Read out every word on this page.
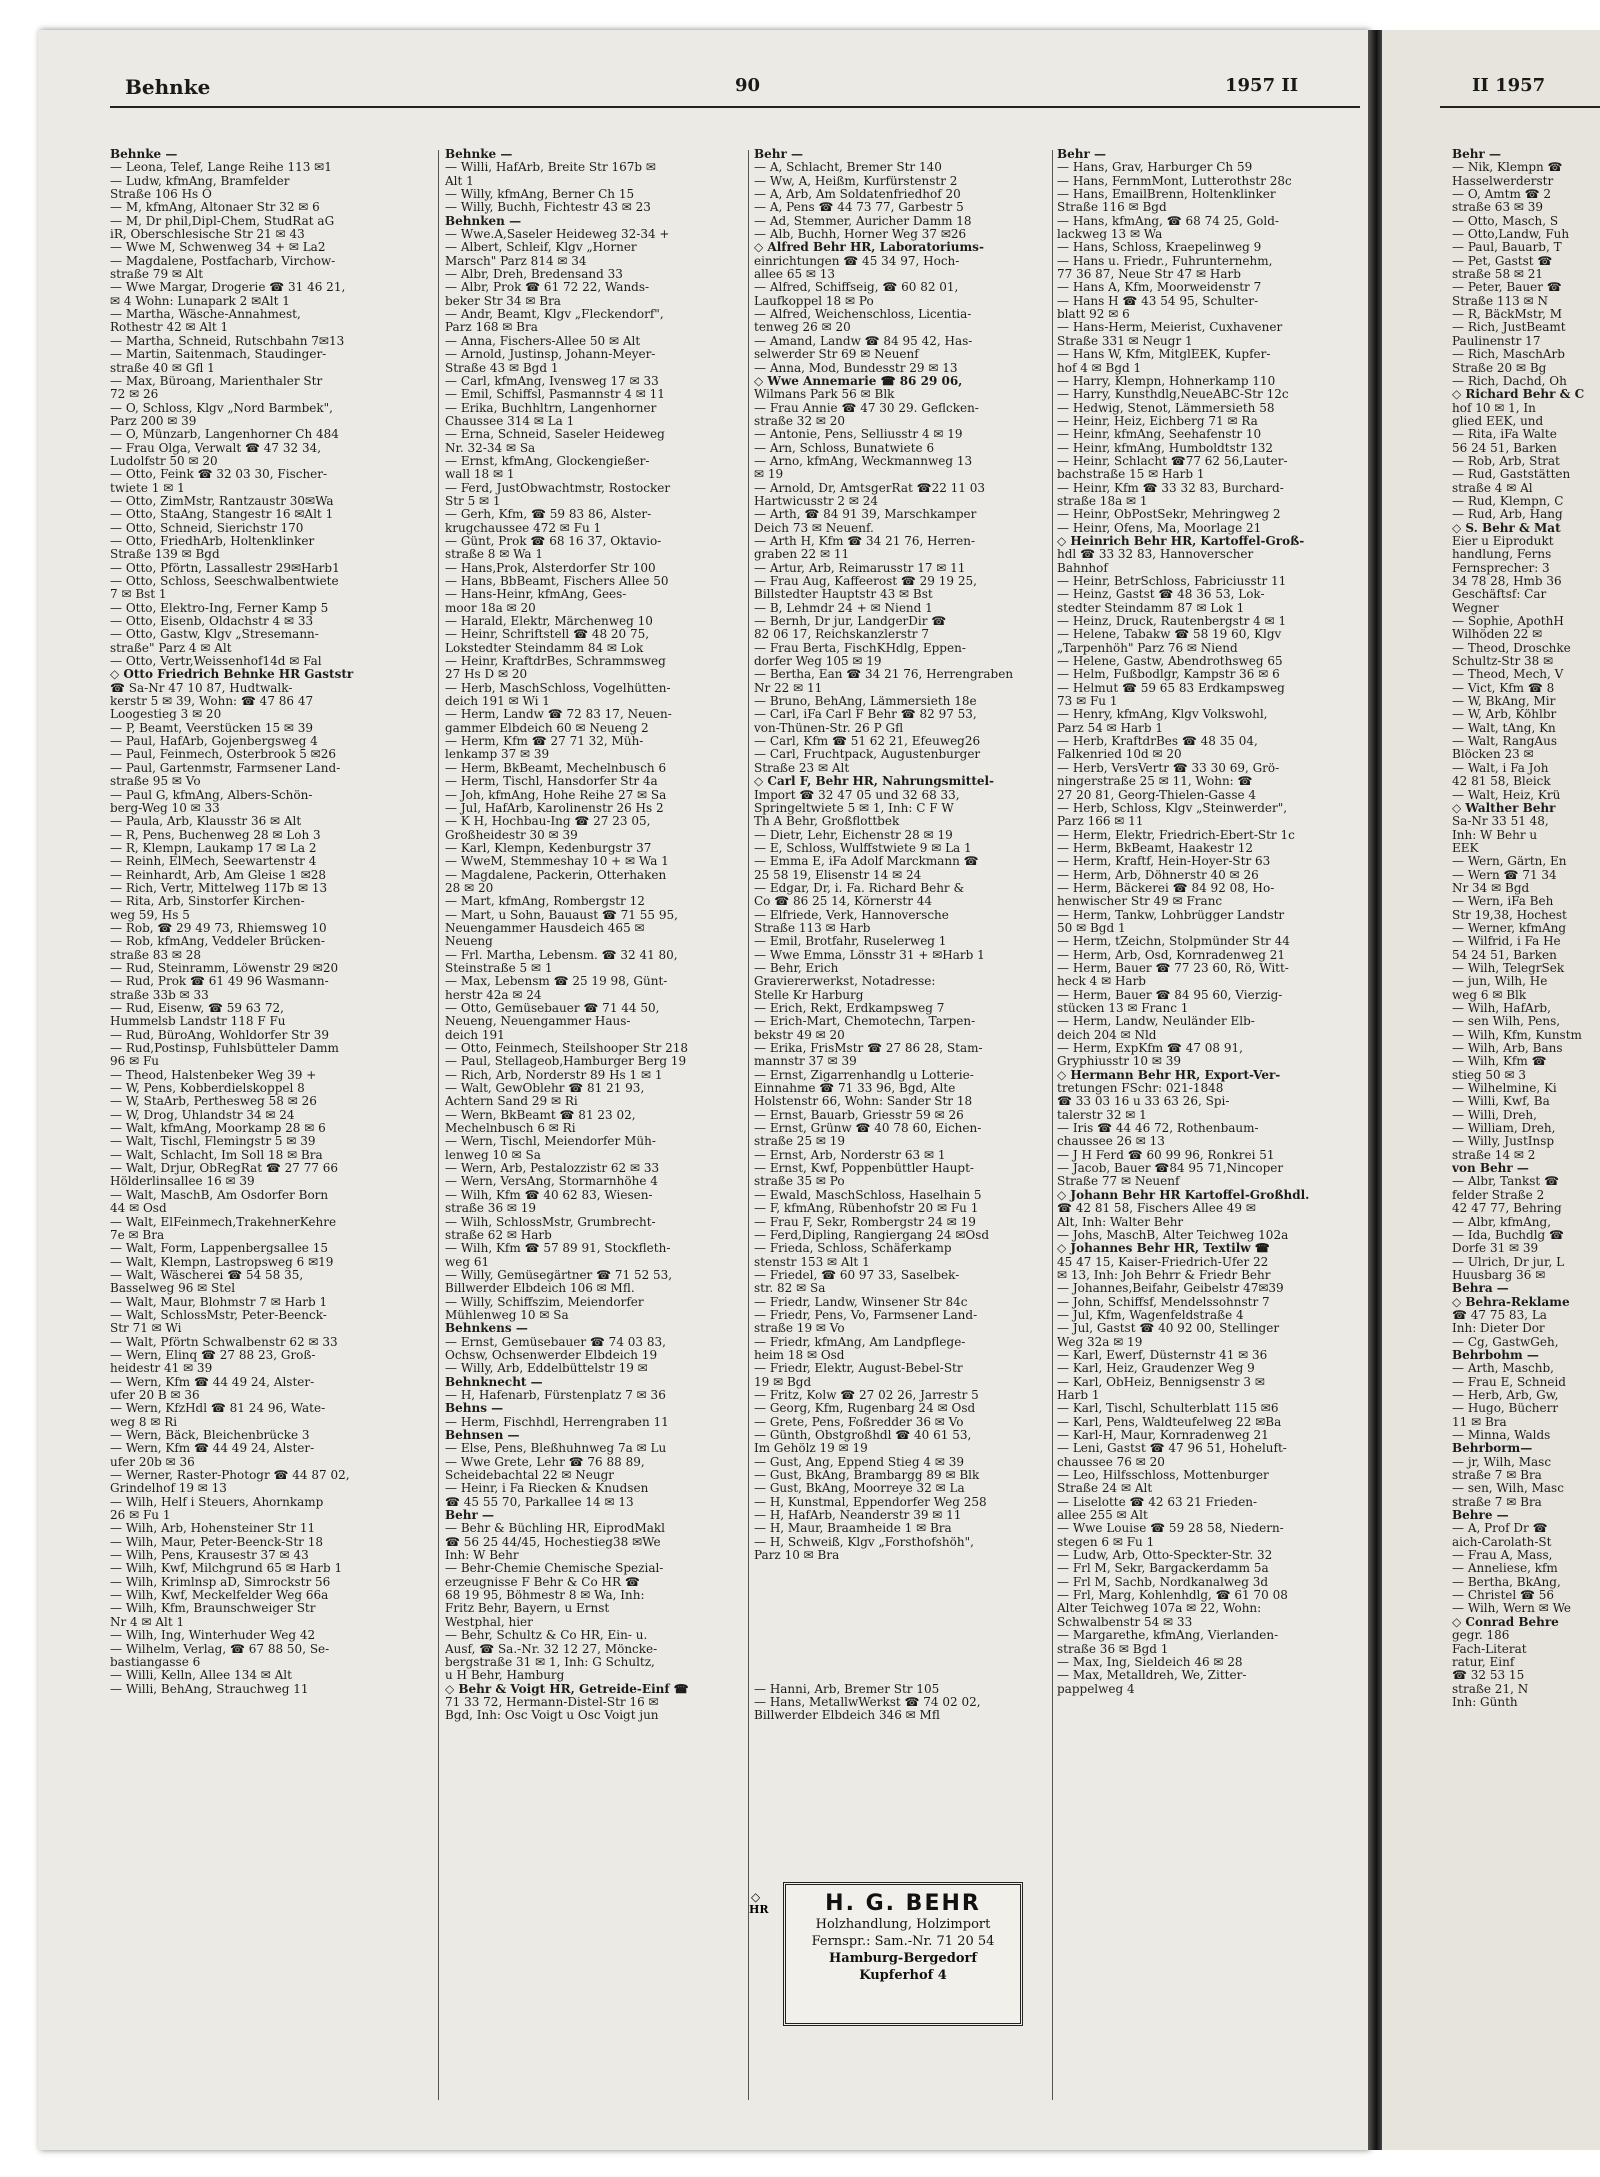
Behnke	90	1957 II	II 1957
Behnke —
— Leona, Telef, Lange Reihe 113 ✉1
— Ludw, kfmAng, Bramfelder
Straße 106 Hs O
— M, kfmAng, Altonaer Str 32 ✉ 6
— M, Dr phil,Dipl-Chem, StudRat aG
iR, Oberschlesische Str 21 ✉ 43
— Wwe M, Schwenweg 34 + ✉ La2
— Magdalene, Postfacharb, Virchow-
straße 79 ✉ Alt
— Wwe Margar, Drogerie ☎ 31 46 21,
✉ 4 Wohn: Lunapark 2 ✉Alt 1
— Martha, Wäsche-Annahmest,
Rothestr 42 ✉ Alt 1
— Martha, Schneid, Rutschbahn 7✉13
— Martin, Saitenmach, Staudinger-
straße 40 ✉ Gfl 1
— Max, Büroang, Marienthaler Str
72 ✉ 26
— O, Schloss, Klgv „Nord Barmbek",
Parz 200 ✉ 39
— O, Münzarb, Langenhorner Ch 484
— Frau Olga, Verwalt ☎ 47 32 34,
Ludolfstr 50 ✉ 20
— Otto, Feink ☎ 32 03 30, Fischer-
twiete 1 ✉ 1
— Otto, ZimMstr, Rantzaustr 30✉Wa
— Otto, StaAng, Stangestr 16 ✉Alt 1
— Otto, Schneid, Sierichstr 170
— Otto, FriedhArb, Holtenklinker
Straße 139 ✉ Bgd
— Otto, Pförtn, Lassallestr 29✉Harb1
— Otto, Schloss, Seeschwalbentwiete
7 ✉ Bst 1
— Otto, Elektro-Ing, Ferner Kamp 5
— Otto, Eisenb, Oldachstr 4 ✉ 33
— Otto, Gastw, Klgv „Stresemann-
straße" Parz 4 ✉ Alt
— Otto, Vertr,Weissenhof14d ✉ Fal
◇ Otto Friedrich Behnke HR Gaststr
☎ Sa-Nr 47 10 87, Hudtwalk-
kerstr 5 ✉ 39, Wohn: ☎ 47 86 47
Loogestieg 3 ✉ 20
— P, Beamt, Veerstücken 15 ✉ 39
— Paul, HafArb, Gojenbergsweg 4
— Paul, Feinmech, Osterbrook 5 ✉26
— Paul, Gartenmstr, Farmsener Land-
straße 95 ✉ Vo
— Paul G, kfmAng, Albers-Schön-
berg-Weg 10 ✉ 33
— Paula, Arb, Klausstr 36 ✉ Alt
— R, Pens, Buchenweg 28 ✉ Loh 3
— R, Klempn, Laukamp 17 ✉ La 2
— Reinh, ElMech, Seewartenstr 4
— Reinhardt, Arb, Am Gleise 1 ✉28
— Rich, Vertr, Mittelweg 117b ✉ 13
— Rita, Arb, Sinstorfer Kirchen-
weg 59, Hs 5
— Rob, ☎ 29 49 73, Rhiemsweg 10
— Rob, kfmAng, Veddeler Brücken-
straße 83 ✉ 28
— Rud, Steinramm, Löwenstr 29 ✉20
— Rud, Prok ☎ 61 49 96 Wasmann-
straße 33b ✉ 33
— Rud, Eisenw, ☎ 59 63 72,
Hummelsb Landstr 118 F Fu
— Rud, BüroAng, Wohldorfer Str 39
— Rud,Postinsp, Fuhlsbütteler Damm
96 ✉ Fu
— Theod, Halstenbeker Weg 39 +
— W, Pens, Kobberdielskoppel 8
— W, StaArb, Perthesweg 58 ✉ 26
— W, Drog, Uhlandstr 34 ✉ 24
— Walt, kfmAng, Moorkamp 28 ✉ 6
— Walt, Tischl, Flemingstr 5 ✉ 39
— Walt, Schlacht, Im Soll 18 ✉ Bra
— Walt, Drjur, ObRegRat ☎ 27 77 66
Hölderlinsallee 16 ✉ 39
— Walt, MaschB, Am Osdorfer Born
44 ✉ Osd
— Walt, ElFeinmech,TrakehnerKehre
7e ✉ Bra
— Walt, Form, Lappenbergsallee 15
— Walt, Klempn, Lastropsweg 6 ✉19
— Walt, Wäscherei ☎ 54 58 35,
Basselweg 96 ✉ Stel
— Walt, Maur, Blohmstr 7 ✉ Harb 1
— Walt, SchlossMstr, Peter-Beenck-
Str 71 ✉ Wi
— Walt, Pförtn Schwalbenstr 62 ✉ 33
— Wern, Elinq ☎ 27 88 23, Groß-
heidestr 41 ✉ 39
— Wern, Kfm ☎ 44 49 24, Alster-
ufer 20 B ✉ 36
— Wern, KfzHdl ☎ 81 24 96, Wate-
weg 8 ✉ Ri
— Wern, Bäck, Bleichenbrücke 3
— Wern, Kfm ☎ 44 49 24, Alster-
ufer 20b ✉ 36
— Werner, Raster-Photogr ☎ 44 87 02,
Grindelhof 19 ✉ 13
— Wilh, Helf i Steuers, Ahornkamp
26 ✉ Fu 1
— Wilh, Arb, Hohensteiner Str 11
— Wilh, Maur, Peter-Beenck-Str 18
— Wilh, Pens, Krausestr 37 ✉ 43
— Wilh, Kwf, Milchgrund 65 ✉ Harb 1
— Wilh, Krimlnsp aD, Simrockstr 56
— Wilh, Kwf, Meckelfelder Weg 66a
— Wilh, Kfm, Braunschweiger Str
Nr 4 ✉ Alt 1
— Wilh, Ing, Winterhuder Weg 42
— Wilhelm, Verlag, ☎ 67 88 50, Se-
bastiangasse 6
— Willi, Kelln, Allee 134 ✉ Alt
— Willi, BehAng, Strauchweg 11
Behnke —
— Willi, HafArb, Breite Str 167b ✉
Alt 1
— Willy, kfmAng, Berner Ch 15
— Willy, Buchh, Fichtestr 43 ✉ 23
Behnken —
— Wwe.A,Saseler Heideweg 32-34 +
— Albert, Schleif, Klgv „Horner
Marsch" Parz 814 ✉ 34
— Albr, Dreh, Bredensand 33
— Albr, Prok ☎ 61 72 22, Wands-
beker Str 34 ✉ Bra
— Andr, Beamt, Klgv „Fleckendorf",
Parz 168 ✉ Bra
— Anna, Fischers-Allee 50 ✉ Alt
— Arnold, Justinsp, Johann-Meyer-
Straße 43 ✉ Bgd 1
— Carl, kfmAng, Ivensweg 17 ✉ 33
— Emil, Schiffsl, Pasmannstr 4 ✉ 11
— Erika, Buchhltrn, Langenhorner
Chaussee 314 ✉ La 1
— Erna, Schneid, Saseler Heideweg
Nr. 32-34 ✉ Sa
— Ernst, kfmAng, Glockengießer-
wall 18 ✉ 1
— Ferd, JustObwachtmstr, Rostocker
Str 5 ✉ 1
— Gerh, Kfm, ☎ 59 83 86, Alster-
krugchaussee 472 ✉ Fu 1
— Günt, Prok ☎ 68 16 37, Oktavio-
straße 8 ✉ Wa 1
— Hans,Prok, Alsterdorfer Str 100
— Hans, BbBeamt, Fischers Allee 50
— Hans-Heinr, kfmAng, Gees-
moor 18a ✉ 20
— Harald, Elektr, Märchenweg 10
— Heinr, Schriftstell ☎ 48 20 75,
Lokstedter Steindamm 84 ✉ Lok
— Heinr, KraftdrBes, Schrammsweg
27 Hs D ✉ 20
— Herb, MaschSchloss, Vogelhütten-
deich 191 ✉ Wi 1
— Herm, Landw ☎ 72 83 17, Neuen-
gammer Elbdeich 60 ✉ Neueng 2
— Herm, Kfm ☎ 27 71 32, Müh-
lenkamp 37 ✉ 39
— Herm, BkBeamt, Mechelnbusch 6
— Herm, Tischl, Hansdorfer Str 4a
— Joh, kfmAng, Hohe Reihe 27 ✉ Sa
— Jul, HafArb, Karolinenstr 26 Hs 2
— K H, Hochbau-Ing ☎ 27 23 05,
Großheidestr 30 ✉ 39
— Karl, Klempn, Kedenburgstr 37
— WweM, Stemmeshay 10 + ✉ Wa 1
— Magdalene, Packerin, Otterhaken
28 ✉ 20
— Mart, kfmAng, Rombergstr 12
— Mart, u Sohn, Bauaust ☎ 71 55 95,
Neuengammer Hausdeich 465 ✉
Neueng
— Frl. Martha, Lebensm. ☎ 32 41 80,
Steinstraße 5 ✉ 1
— Max, Lebensm ☎ 25 19 98, Günt-
herstr 42a ✉ 24
— Otto, Gemüsebauer ☎ 71 44 50,
Neueng, Neuengammer Haus-
deich 191
— Otto, Feinmech, Steilshooper Str 218
— Paul, Stellageob,Hamburger Berg 19
— Rich, Arb, Norderstr 89 Hs 1 ✉ 1
— Walt, GewOblehr ☎ 81 21 93,
Achtern Sand 29 ✉ Ri
— Wern, BkBeamt ☎ 81 23 02,
Mechelnbusch 6 ✉ Ri
— Wern, Tischl, Meiendorfer Müh-
lenweg 10 ✉ Sa
— Wern, Arb, Pestalozzistr 62 ✉ 33
— Wern, VersAng, Stormarnhöhe 4
— Wilh, Kfm ☎ 40 62 83, Wiesen-
straße 36 ✉ 19
— Wilh, SchlossMstr, Grumbrecht-
straße 62 ✉ Harb
— Wilh, Kfm ☎ 57 89 91, Stockfleth-
weg 61
— Willy, Gemüsegärtner ☎ 71 52 53,
Billwerder Elbdeich 106 ✉ Mfl.
— Willy, Schiffszim, Meiendorfer
Mühlenweg 10 ✉ Sa
Behnkens —
— Ernst, Gemüsebauer ☎ 74 03 83,
Ochsw, Ochsenwerder Elbdeich 19
— Willy, Arb, Eddelbüttelstr 19 ✉
Behnknecht —
— H, Hafenarb, Fürstenplatz 7 ✉ 36
Behns —
— Herm, Fischhdl, Herrengraben 11
Behnsen —
— Else, Pens, Bleßhuhnweg 7a ✉ Lu
— Wwe Grete, Lehr ☎ 76 88 89,
Scheidebachtal 22 ✉ Neugr
— Heinr, i Fa Riecken & Knudsen
☎ 45 55 70, Parkallee 14 ✉ 13
Behr —
— Behr & Büchling HR, EiprodMakl
☎ 56 25 44/45, Hochestieg38 ✉We
Inh: W Behr
— Behr-Chemie Chemische Spezial-
erzeugnisse F Behr & Co HR ☎
68 19 95, Böhmestr 8 ✉ Wa, Inh:
Fritz Behr, Bayern, u Ernst
Westphal, hier
— Behr, Schultz & Co HR, Ein- u.
Ausf, ☎ Sa.-Nr. 32 12 27, Möncke-
bergstraße 31 ✉ 1, Inh: G Schultz,
u H Behr, Hamburg
◇ Behr & Voigt HR, Getreide-Einf ☎
71 33 72, Hermann-Distel-Str 16 ✉
Bgd, Inh: Osc Voigt u Osc Voigt jun
Behr —
— A, Schlacht, Bremer Str 140
— Ww, A, Heißm, Kurfürstenstr 2
— A, Arb, Am Soldatenfriedhof 20
— A, Pens ☎ 44 73 77, Garbestr 5
— Ad, Stemmer, Auricher Damm 18
— Alb, Buchh, Horner Weg 37 ✉26
◇ Alfred Behr HR, Laboratoriums-
einrichtungen ☎ 45 34 97, Hoch-
allee 65 ✉ 13
— Alfred, Schiffseig, ☎ 60 82 01,
Laufkoppel 18 ✉ Po
— Alfred, Weichenschloss, Licentia-
tenweg 26 ✉ 20
— Amand, Landw ☎ 84 95 42, Has-
selwerder Str 69 ✉ Neuenf
— Anna, Mod, Bundesstr 29 ✉ 13
◇ Wwe Annemarie ☎ 86 29 06,
Wilmans Park 56 ✉ Blk
— Frau Annie ☎ 47 30 29. Geflcken-
straße 32 ✉ 20
— Antonie, Pens, Selliusstr 4 ✉ 19
— Arn, Schloss, Bunatwiete 6
— Arno, kfmAng, Weckmannweg 13
✉ 19
— Arnold, Dr, AmtsgerRat ☎22 11 03
Hartwicusstr 2 ✉ 24
— Arth, ☎ 84 91 39, Marschkamper
Deich 73 ✉ Neuenf.
— Arth H, Kfm ☎ 34 21 76, Herren-
graben 22 ✉ 11
— Artur, Arb, Reimarusstr 17 ✉ 11
— Frau Aug, Kaffeerost ☎ 29 19 25,
Billstedter Hauptstr 43 ✉ Bst
— B, Lehmdr 24 + ✉ Niend 1
— Bernh, Dr jur, LandgerDir ☎
82 06 17, Reichskanzlerstr 7
— Frau Berta, FischKHdlg, Eppen-
dorfer Weg 105 ✉ 19
— Bertha, Ean ☎ 34 21 76, Herrengraben
Nr 22 ✉ 11
— Bruno, BehAng, Lämmersieth 18e
— Carl, iFa Carl F Behr ☎ 82 97 53,
von-Thünen-Str. 26 P Gfl
— Carl, Kfm ☎ 51 62 21, Efeuweg26
— Carl, Fruchtpack, Augustenburger
Straße 23 ✉ Alt
◇ Carl F, Behr HR, Nahrungsmittel-
Import ☎ 32 47 05 und 32 68 33,
Springeltwiete 5 ✉ 1, Inh: C F W
Th A Behr, Großflottbek
— Dietr, Lehr, Eichenstr 28 ✉ 19
— E, Schloss, Wulffstwiete 9 ✉ La 1
— Emma E, iFa Adolf Marckmann ☎
25 58 19, Elisenstr 14 ✉ 24
— Edgar, Dr, i. Fa. Richard Behr &
Co ☎ 86 25 14, Körnerstr 44
— Elfriede, Verk, Hannoversche
Straße 113 ✉ Harb
— Emil, Brotfahr, Ruselerweg 1
— Wwe Emma, Lönsstr 31 + ✉Harb 1
— Behr, Erich
Graviererwerkst, Notadresse:
Stelle Kr Harburg
— Erich, Rekt, Erdkampsweg 7
— Erich-Mart, Chemotechn, Tarpen-
bekstr 49 ✉ 20
— Erika, FrisMstr ☎ 27 86 28, Stam-
mannstr 37 ✉ 39
— Ernst, Zigarrenhandlg u Lotterie-
Einnahme ☎ 71 33 96, Bgd, Alte
Holstenstr 66, Wohn: Sander Str 18
— Ernst, Bauarb, Griesstr 59 ✉ 26
— Ernst, Grünw ☎ 40 78 60, Eichen-
straße 25 ✉ 19
— Ernst, Arb, Norderstr 63 ✉ 1
— Ernst, Kwf, Poppenbüttler Haupt-
straße 35 ✉ Po
— Ewald, MaschSchloss, Haselhain 5
— F, kfmAng, Rübenhofstr 20 ✉ Fu 1
— Frau F, Sekr, Rombergstr 24 ✉ 19
— Ferd,Dipling, Rangiergang 24 ✉Osd
— Frieda, Schloss, Schäferkamp
stenstr 153 ✉ Alt 1
— Friedel, ☎ 60 97 33, Saselbek-
str. 82 ✉ Sa
— Friedr, Landw, Winsener Str 84c
— Friedr, Pens, Vo, Farmsener Land-
straße 19 ✉ Vo
— Friedr, kfmAng, Am Landpflege-
heim 18 ✉ Osd
— Friedr, Elektr, August-Bebel-Str
19 ✉ Bgd
— Fritz, Kolw ☎ 27 02 26, Jarrestr 5
— Georg, Kfm, Rugenbarg 24 ✉ Osd
— Grete, Pens, Foßredder 36 ✉ Vo
— Günth, Obstgroßhdl ☎ 40 61 53,
Im Gehölz 19 ✉ 19
— Gust, Ang, Eppend Stieg 4 ✉ 39
— Gust, BkAng, Brambargg 89 ✉ Blk
— Gust, BkAng, Moorreye 32 ✉ La
— H, Kunstmal, Eppendorfer Weg 258
— H, HafArb, Neanderstr 39 ✉ 11
— H, Maur, Braamheide 1 ✉ Bra
— H, Schweiß, Klgv „Forsthofshöh",
Parz 10 ✉ Bra
— Hanni, Arb, Bremer Str 105
— Hans, MetallwWerkst ☎ 74 02 02,
Billwerder Elbdeich 346 ✉ Mfl
Behr —
— Hans, Grav, Harburger Ch 59
— Hans, FernmMont, Lutterothstr 28c
— Hans, EmailBrenn, Holtenklinker
Straße 116 ✉ Bgd
— Hans, kfmAng, ☎ 68 74 25, Gold-
lackweg 13 ✉ Wa
— Hans, Schloss, Kraepelinweg 9
— Hans u. Friedr., Fuhrunternehm,
77 36 87, Neue Str 47 ✉ Harb
— Hans A, Kfm, Moorweidenstr 7
— Hans H ☎ 43 54 95, Schulter-
blatt 92 ✉ 6
— Hans-Herm, Meierist, Cuxhavener
Straße 331 ✉ Neugr 1
— Hans W, Kfm, MitglEEK, Kupfer-
hof 4 ✉ Bgd 1
— Harry, Klempn, Hohnerkamp 110
— Harry, Kunsthdlg,NeueABC-Str 12c
— Hedwig, Stenot, Lämmersieth 58
— Heinr, Heiz, Eichberg 71 ✉ Ra
— Heinr, kfmAng, Seehafenstr 10
— Heinr, kfmAng, Humboldtstr 132
— Heinr, Schlacht ☎77 62 56,Lauter-
bachstraße 15 ✉ Harb 1
— Heinr, Kfm ☎ 33 32 83, Burchard-
straße 18a ✉ 1
— Heinr, ObPostSekr, Mehringweg 2
— Heinr, Ofens, Ma, Moorlage 21
◇ Heinrich Behr HR, Kartoffel-Groß-
hdl ☎ 33 32 83, Hannoverscher
Bahnhof
— Heinr, BetrSchloss, Fabriciusstr 11
— Heinz, Gastst ☎ 48 36 53, Lok-
stedter Steindamm 87 ✉ Lok 1
— Heinz, Druck, Rautenbergstr 4 ✉ 1
— Helene, Tabakw ☎ 58 19 60, Klgv
„Tarpenhöh" Parz 76 ✉ Niend
— Helene, Gastw, Abendrothsweg 65
— Helm, Fußbodlgr, Kampstr 36 ✉ 6
— Helmut ☎ 59 65 83 Erdkampsweg
73 ✉ Fu 1
— Henry, kfmAng, Klgv Volkswohl,
Parz 54 ✉ Harb 1
— Herb, KraftdrBes ☎ 48 35 04,
Falkenried 10d ✉ 20
— Herb, VersVertr ☎ 33 30 69, Grö-
ningerstraße 25 ✉ 11, Wohn: ☎
27 20 81, Georg-Thielen-Gasse 4
— Herb, Schloss, Klgv „Steinwerder",
Parz 166 ✉ 11
— Herm, Elektr, Friedrich-Ebert-Str 1c
— Herm, BkBeamt, Haakestr 12
— Herm, Kraftf, Hein-Hoyer-Str 63
— Herm, Arb, Döhnerstr 40 ✉ 26
— Herm, Bäckerei ☎ 84 92 08, Ho-
henwischer Str 49 ✉ Franc
— Herm, Tankw, Lohbrügger Landstr
50 ✉ Bgd 1
— Herm, tZeichn, Stolpmünder Str 44
— Herm, Arb, Osd, Kornradenweg 21
— Herm, Bauer ☎ 77 23 60, Rö, Witt-
heck 4 ✉ Harb
— Herm, Bauer ☎ 84 95 60, Vierzig-
stücken 13 ✉ Franc 1
— Herm, Landw, Neuländer Elb-
deich 204 ✉ Nld
— Herm, ExpKfm ☎ 47 08 91,
Gryphiusstr 10 ✉ 39
◇ Hermann Behr HR, Export-Ver-
tretungen FSchr: 021-1848
☎ 33 03 16 u 33 63 26, Spi-
talerstr 32 ✉ 1
— Iris ☎ 44 46 72, Rothenbaum-
chaussee 26 ✉ 13
— J H Ferd ☎ 60 99 96, Ronkrei 51
— Jacob, Bauer ☎84 95 71,Nincoper
Straße 77 ✉ Neuenf
◇ Johann Behr HR Kartoffel-Großhdl.
☎ 42 81 58, Fischers Allee 49 ✉
Alt, Inh: Walter Behr
— Johs, MaschB, Alter Teichweg 102a
◇ Johannes Behr HR, Textilw ☎
45 47 15, Kaiser-Friedrich-Ufer 22
✉ 13, Inh: Joh Behrr & Friedr Behr
— Johannes,Beifahr, Geibelstr 47✉39
— John, Schiffsf, Mendelssohnstr 7
— Jul, Kfm, Wagenfeldstraße 4
— Jul, Gastst ☎ 40 92 00, Stellinger
Weg 32a ✉ 19
— Karl, Ewerf, Düsternstr 41 ✉ 36
— Karl, Heiz, Graudenzer Weg 9
— Karl, ObHeiz, Bennigsenstr 3 ✉
Harb 1
— Karl, Tischl, Schulterblatt 115 ✉6
— Karl, Pens, Waldteufelweg 22 ✉Ba
— Karl-H, Maur, Kornradenweg 21
— Leni, Gastst ☎ 47 96 51, Hoheluft-
chaussee 76 ✉ 20
— Leo, Hilfsschloss, Mottenburger
Straße 24 ✉ Alt
— Liselotte ☎ 42 63 21 Frieden-
allee 255 ✉ Alt
— Wwe Louise ☎ 59 28 58, Niedern-
stegen 6 ✉ Fu 1
— Ludw, Arb, Otto-Speckter-Str. 32
— Frl M, Sekr, Bargackerdamm 5a
— Frl M, Sachb, Nordkanalweg 3d
— Frl, Marg, Kohlenhdlg, ☎ 61 70 08
Alter Teichweg 107a ✉ 22, Wohn:
Schwalbenstr 54 ✉ 33
— Margarethe, kfmAng, Vierlanden-
straße 36 ✉ Bgd 1
— Max, Ing, Sieldeich 46 ✉ 28
— Max, Metalldreh, We, Zitter-
pappelweg 4
Behr —
— Nik, Klempn ☎
Hasselwerderstr
— O, Amtm ☎ 2
straße 63 ✉ 39
— Otto, Masch, S
— Otto,Landw, Fuh
— Paul, Bauarb, T
— Pet, Gastst ☎
straße 58 ✉ 21
— Peter, Bauer ☎
Straße 113 ✉ N
— R, BäckMstr, M
— Rich, JustBeamt
Paulinenstr 17
— Rich, MaschArb
Straße 20 ✉ Bg
— Rich, Dachd, Oh
◇ Richard Behr & C
hof 10 ✉ 1, In
glied EEK, und
— Rita, iFa Walte
56 24 51, Barken
— Rob, Arb, Strat
— Rud, Gaststätten
straße 4 ✉ Al
— Rud, Klempn, C
— Rud, Arb, Hang
◇ S. Behr & Mat
Eier u Eiprodukt
handlung, Ferns
Fernsprecher: 3
34 78 28, Hmb 36
Geschäftsf: Car
Wegner
— Sophie, ApothH
Wilhöden 22 ✉
— Theod, Droschke
Schultz-Str 38 ✉
— Theod, Mech, V
— Vict, Kfm ☎ 8
— W, BkAng, Mir
— W, Arb, Köhlbr
— Walt, tAng, Kn
— Walt, RangAus
Blöcken 23 ✉
— Walt, i Fa Joh
42 81 58, Bleick
— Walt, Heiz, Krü
◇ Walther Behr
Sa-Nr 33 51 48,
Inh: W Behr u
EEK
— Wern, Gärtn, En
— Wern ☎ 71 34
Nr 34 ✉ Bgd
— Wern, iFa Beh
Str 19,38, Hochest
— Werner, kfmAng
— Wilfrid, i Fa He
54 24 51, Barken
— Wilh, TelegrSek
— jun, Wilh, He
weg 6 ✉ Blk
— Wilh, HafArb,
— sen Wilh, Pens,
— Wilh, Kfm, Kunstm
— Wilh, Arb, Bans
— Wilh, Kfm ☎
stieg 50 ✉ 3
— Wilhelmine, Ki
— Willi, Kwf, Ba
— Willi, Dreh,
— William, Dreh,
— Willy, JustInsp
straße 14 ✉ 2
von Behr —
— Albr, Tankst ☎
felder Straße 2
42 47 77, Behring
— Albr, kfmAng,
— Ida, Buchdlg ☎
Dorfe 31 ✉ 39
— Ulrich, Dr jur, L
Huusbarg 36 ✉
Behra —
◇ Behra-Reklame
☎ 47 75 83, La
Inh: Dieter Dor
— Cg, GastwGeh,
Behrbohm —
— Arth, Maschb,
— Frau E, Schneid
— Herb, Arb, Gw,
— Hugo, Bücherr
11 ✉ Bra
— Minna, Walds
Behrborm—
— jr, Wilh, Masc
straße 7 ✉ Bra
— sen, Wilh, Masc
straße 7 ✉ Bra
Behre —
— A, Prof Dr ☎
aich-Carolath-St
— Frau A, Mass,
— Anneliese, kfm
— Bertha, BkAng,
— Christel ☎ 56
— Wilh, Wern ✉ We
◇ Conrad Behre
gegr. 186
Fach-Literat
ratur, Einf
☎ 32 53 15
straße 21, N
Inh: Günth
◇
HR	H. G. BEHR
Holzhandlung, Holzimport
Fernspr.: Sam.-Nr. 71 20 54
Hamburg-Bergedorf
Kupferhof 4
